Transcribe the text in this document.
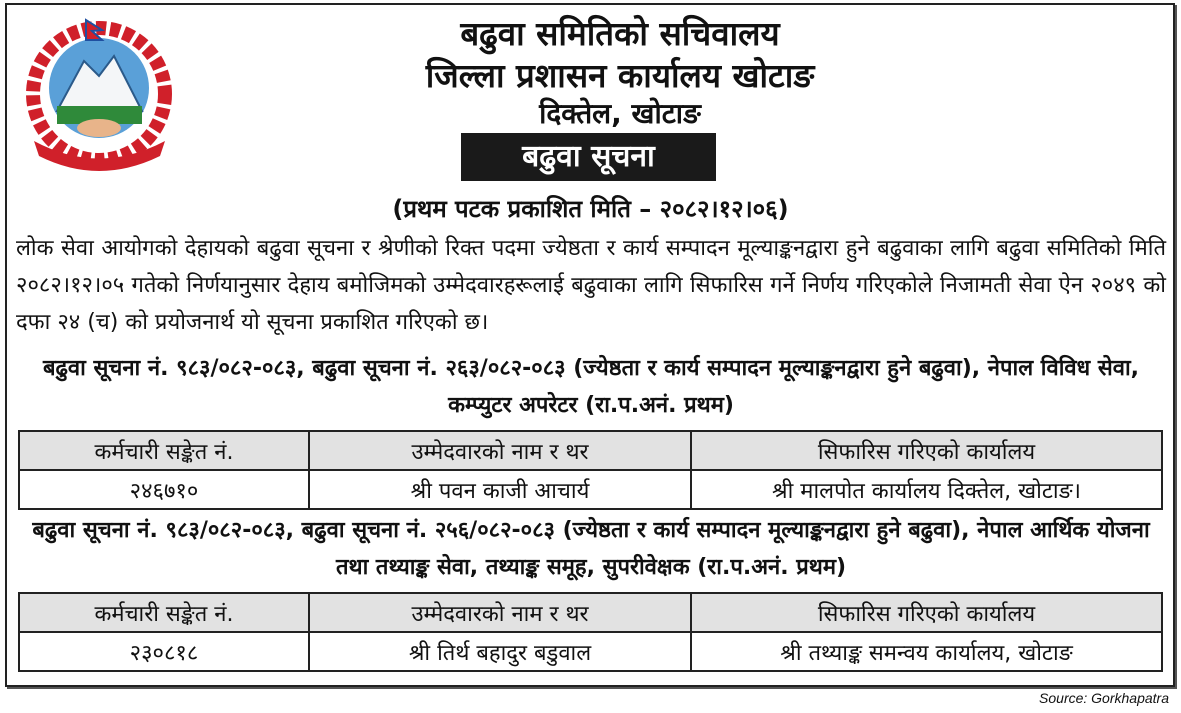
बढुवा समितिको सचिवालय
जिल्ला प्रशासन कार्यालय खोटाङ
दिक्तेल, खोटाङ
बढुवा सूचना
(प्रथम पटक प्रकाशित मिति – २०८२।१२।०६)
लोक सेवा आयोगको देहायको बढुवा सूचना र श्रेणीको रिक्त पदमा ज्येष्ठता र कार्य सम्पादन मूल्याङ्कनद्वारा हुने बढुवाका लागि बढुवा समितिको मिति २०८२।१२।०५ गतेको निर्णयानुसार देहाय बमोजिमको उम्मेदवारहरूलाई बढुवाका लागि सिफारिस गर्ने निर्णय गरिएकोले निजामती सेवा ऐन २०४९ को दफा २४ (च) को प्रयोजनार्थ यो सूचना प्रकाशित गरिएको छ।
बढुवा सूचना नं. ९८३/०८२-०८३, बढुवा सूचना नं. २६३/०८२-०८३ (ज्येष्ठता र कार्य सम्पादन मूल्याङ्कनद्वारा हुने बढुवा), नेपाल विविध सेवा, कम्प्युटर अपरेटर (रा.प.अनं. प्रथम)
कर्मचारी सङ्केत नं.	उम्मेदवारको नाम र थर	सिफारिस गरिएको कार्यालय
२४६७१०	श्री पवन काजी आचार्य	श्री मालपोत कार्यालय दिक्तेल, खोटाङ।
बढुवा सूचना नं. ९८३/०८२-०८३, बढुवा सूचना नं. २५६/०८२-०८३ (ज्येष्ठता र कार्य सम्पादन मूल्याङ्कनद्वारा हुने बढुवा), नेपाल आर्थिक योजना तथा तथ्याङ्क सेवा, तथ्याङ्क समूह, सुपरीवेक्षक (रा.प.अनं. प्रथम)
कर्मचारी सङ्केत नं.	उम्मेदवारको नाम र थर	सिफारिस गरिएको कार्यालय
२३०८१८	श्री तिर्थ बहादुर बडुवाल	श्री तथ्याङ्क समन्वय कार्यालय, खोटाङ
Source: Gorkhapatra
